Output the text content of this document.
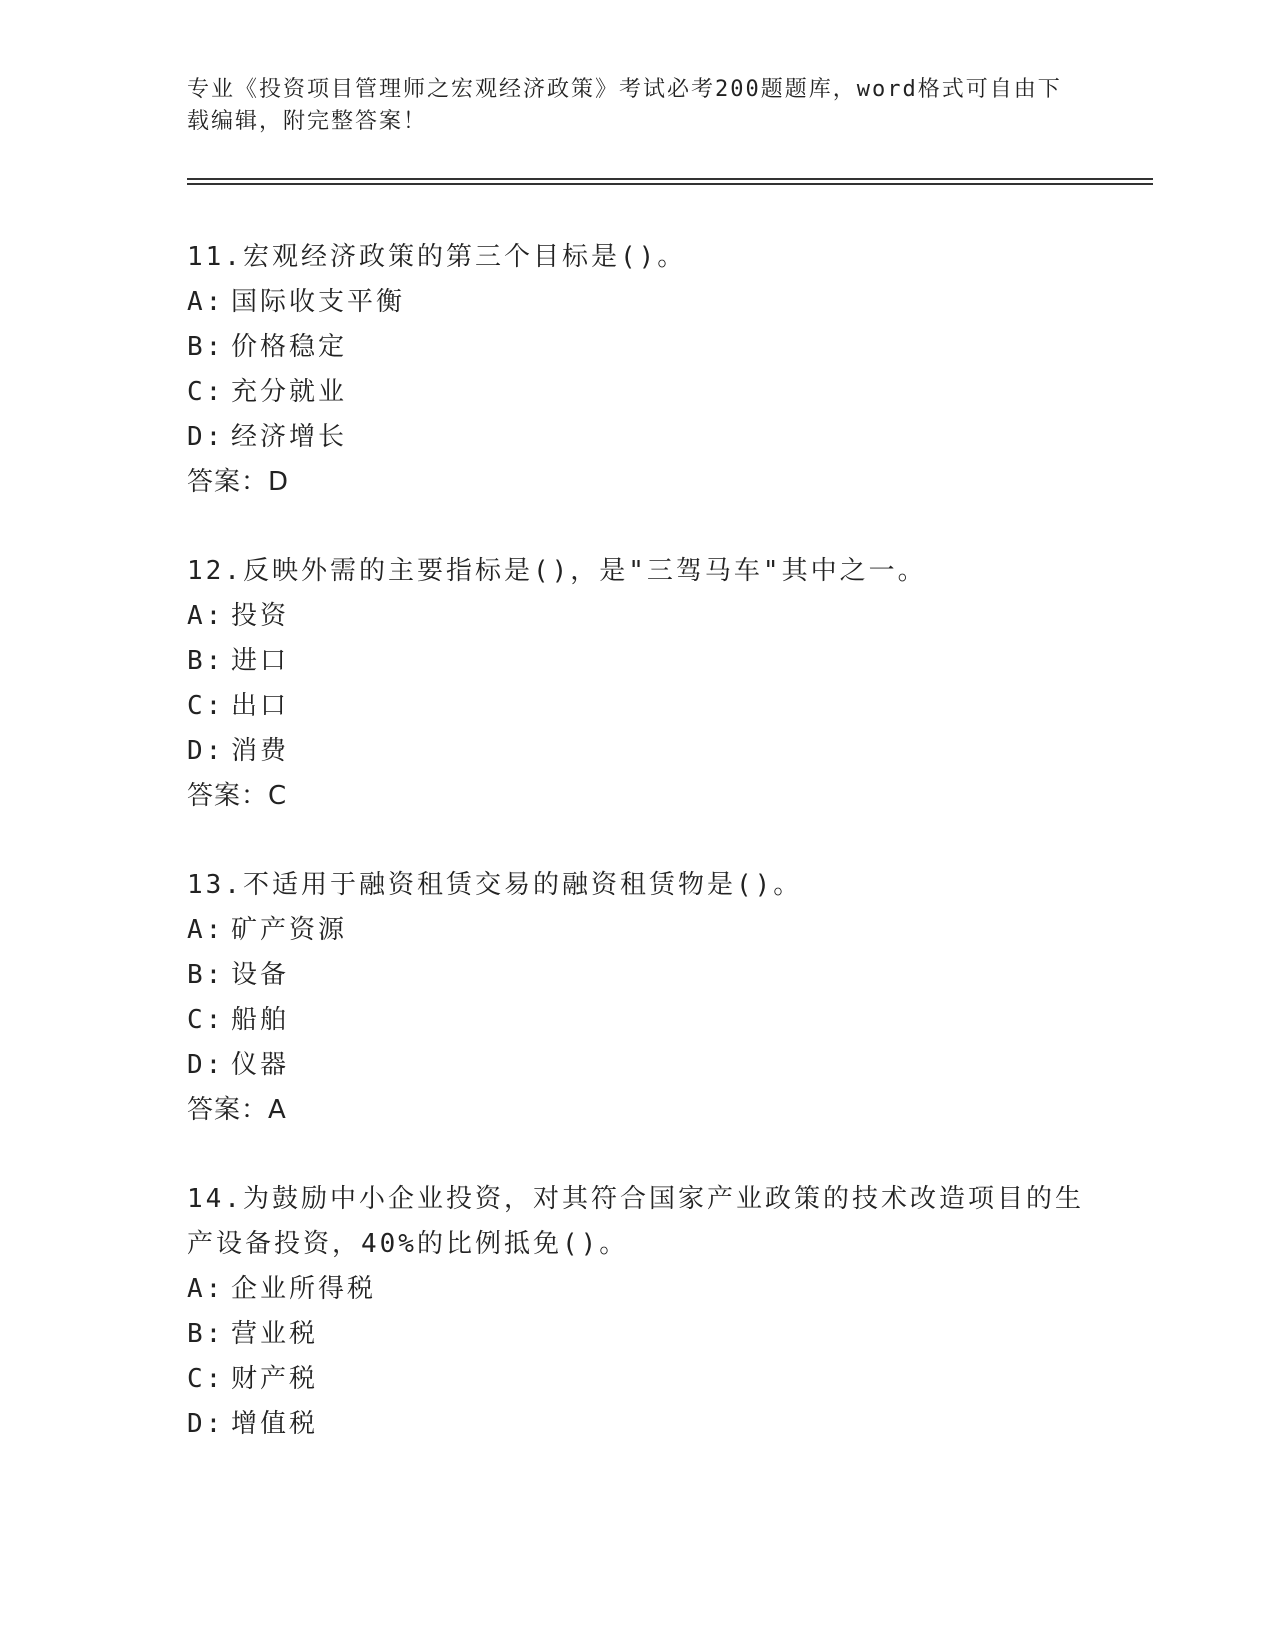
专业《投资项目管理师之宏观经济政策》考试必考200题题库，word格式可自由下载编辑，附完整答案！

11.宏观经济政策的第三个目标是()。

A: 国际收支平衡

B: 价格稳定

C: 充分就业

D: 经济增长

答案：D

12.反映外需的主要指标是()，是"三驾马车"其中之一。

A: 投资

B: 进口

C: 出口

D: 消费

答案：C

13.不适用于融资租赁交易的融资租赁物是()。

A: 矿产资源

B: 设备

C: 船舶

D: 仪器

答案：A

14.为鼓励中小企业投资，对其符合国家产业政策的技术改造项目的生产设备投资，40%的比例抵免()。

A: 企业所得税

B: 营业税

C: 财产税

D: 增值税
